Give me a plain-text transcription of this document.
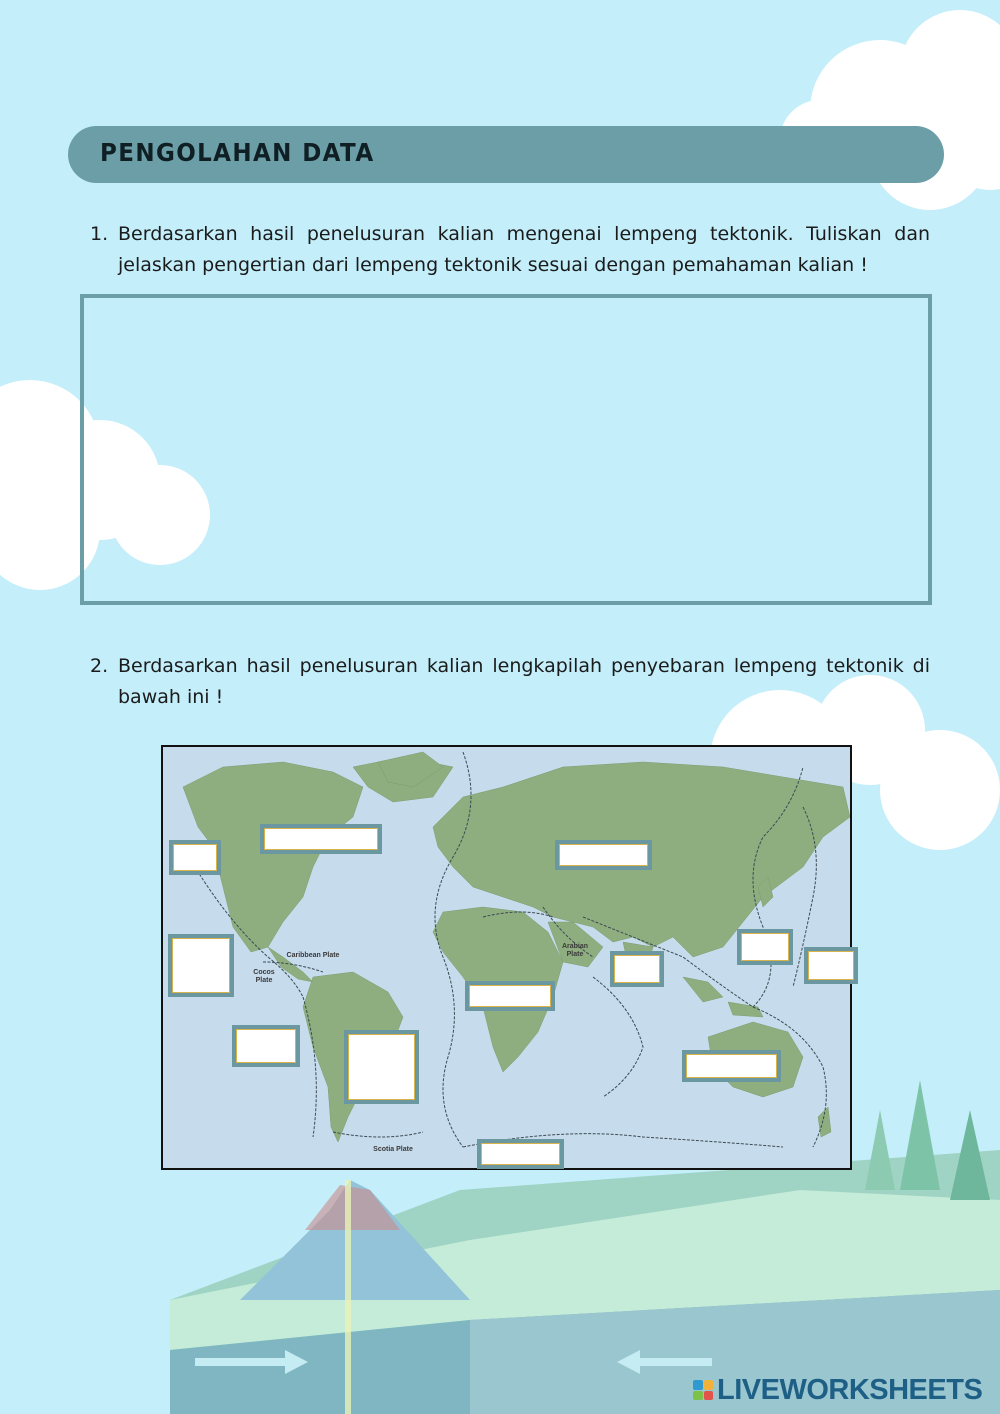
PENGOLAHAN DATA
1. Berdasarkan hasil penelusuran kalian mengenai lempeng tektonik. Tuliskan dan jelaskan pengertian dari lempeng tektonik sesuai dengan pemahaman kalian !
2. Berdasarkan hasil penelusuran kalian lengkapilah penyebaran lempeng tektonik di bawah ini !
Caribbean Plate
Cocos Plate
Arabian Plate
Scotia Plate
LIVEWORKSHEETS
